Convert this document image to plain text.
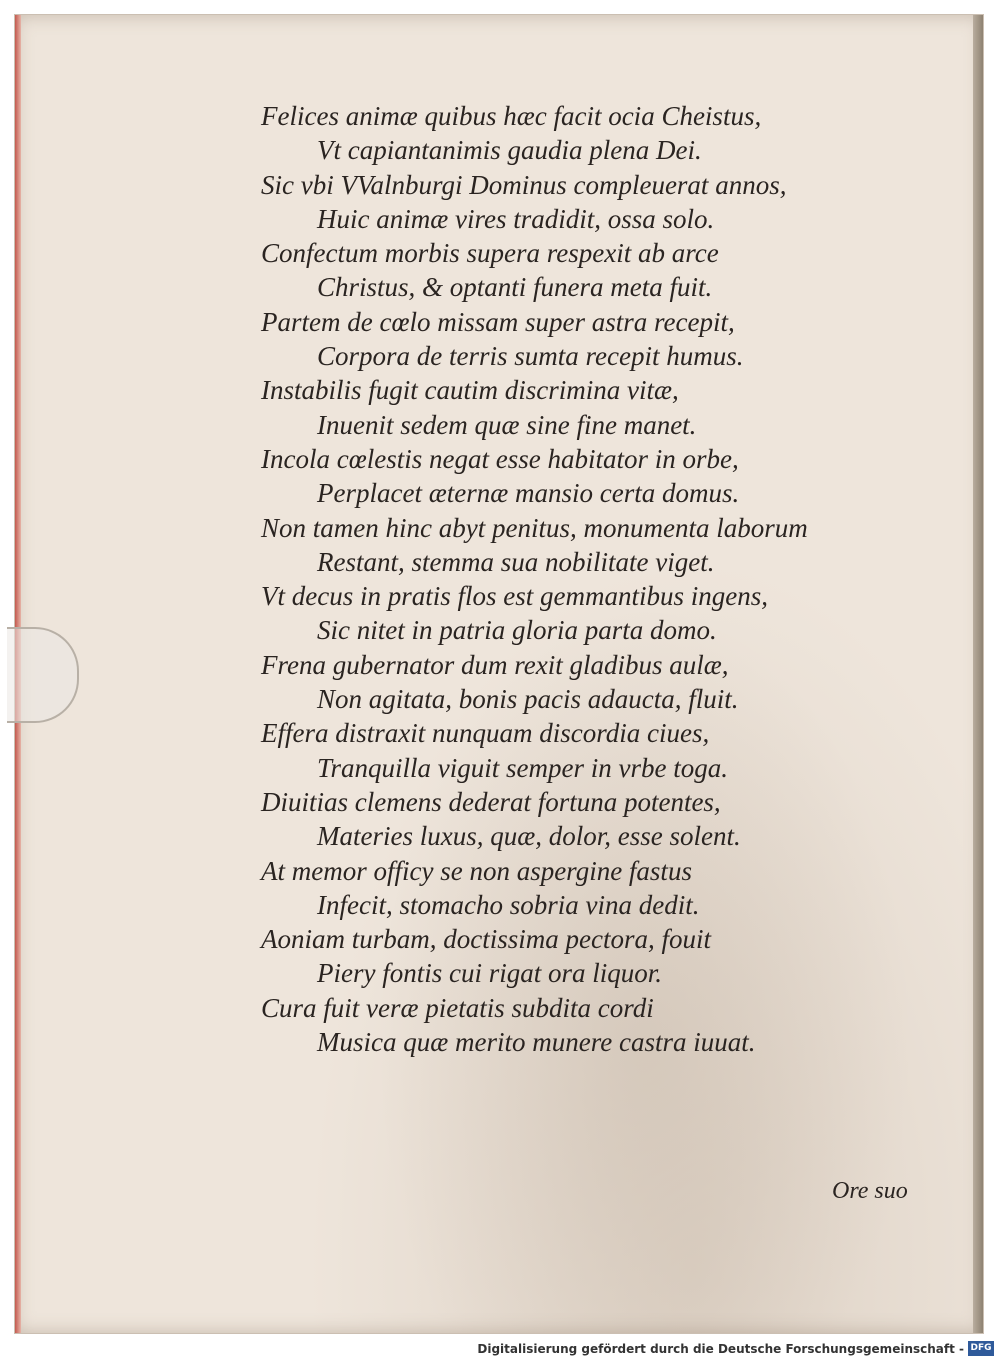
Felices animæ quibus hæc facit ocia Cheistus,
Vt capiantanimis gaudia plena Dei.
Sic vbi VValnburgi Dominus compleuerat annos,
Huic animæ vires tradidit, ossa solo.
Confectum morbis supera respexit ab arce
Christus, & optanti funera meta fuit.
Partem de cœlo missam super astra recepit,
Corpora de terris sumta recepit humus.
Instabilis fugit cautim discrimina vitæ,
Inuenit sedem quæ sine fine manet.
Incola cœlestis negat esse habitator in orbe,
Perplacet æternæ mansio certa domus.
Non tamen hinc abyt penitus, monumenta laborum
Restant, stemma sua nobilitate viget.
Vt decus in pratis flos est gemmantibus ingens,
Sic nitet in patria gloria parta domo.
Frena gubernator dum rexit gladibus aulæ,
Non agitata, bonis pacis adaucta, fluit.
Effera distraxit nunquam discordia ciues,
Tranquilla viguit semper in vrbe toga.
Diuitias clemens dederat fortuna potentes,
Materies luxus, quæ, dolor, esse solent.
At memor officy se non aspergine fastus
Infecit, stomacho sobria vina dedit.
Aoniam turbam, doctissima pectora, fouit
Piery fontis cui rigat ora liquor.
Cura fuit veræ pietatis subdita cordi
Musica quæ merito munere castra iuuat.
Ore suo
Digitalisierung gefördert durch die Deutsche Forschungsgemeinschaft - DFG
